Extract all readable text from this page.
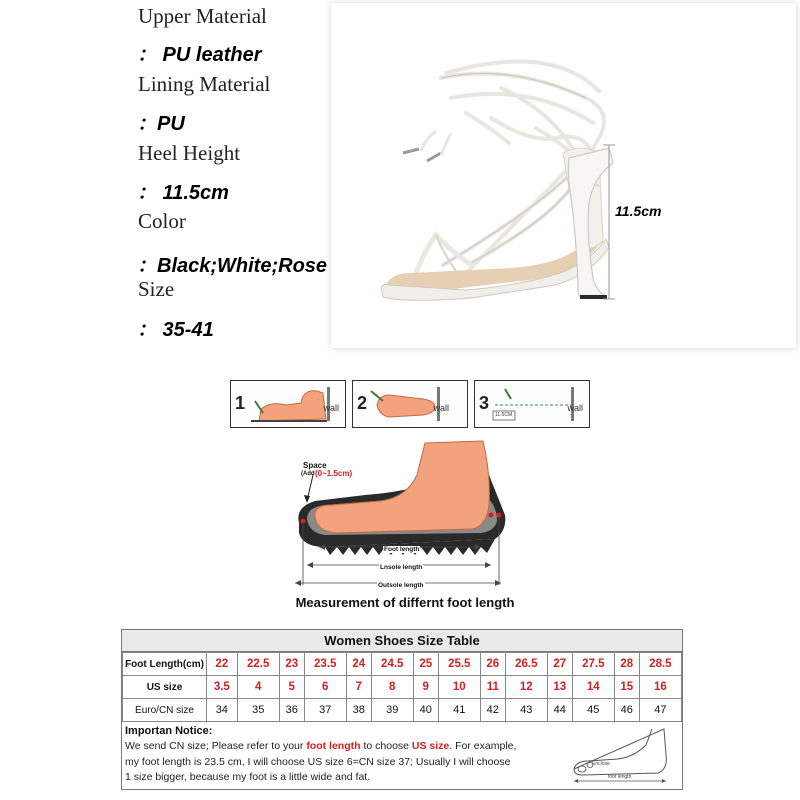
Upper Material
： PU leather
Lining Material
：PU
Heel Height
： 11.5cm
Color
：Black;White;Rose
Size
： 35-41
11.5cm
1	wall 2	wall 3
11.5CM
wall
Space
(Add (0~1.5cm)
Foot length
Lnsole length
Outsole length
Measurement of differnt foot length
Women Shoes Size Table
Foot Length(cm)	22	22.5	23	23.5	24	24.5	25	25.5	26	26.5	27	27.5	28	28.5
US size	3.5	4	5	6	7	8	9	10	11	12	13	14	15	16
Euro/CN size	34	35	36	37	38	39	40	41	42	43	44	45	46	47
Importan Notice:
We send CN size; Please refer to your foot length to choose US size. For example,
my foot length is 23.5 cm, I will choose US size 6=CN size 37; Usually I will choose
1 size bigger, because my foot is a little wide and fat.
Enclose
foot length
